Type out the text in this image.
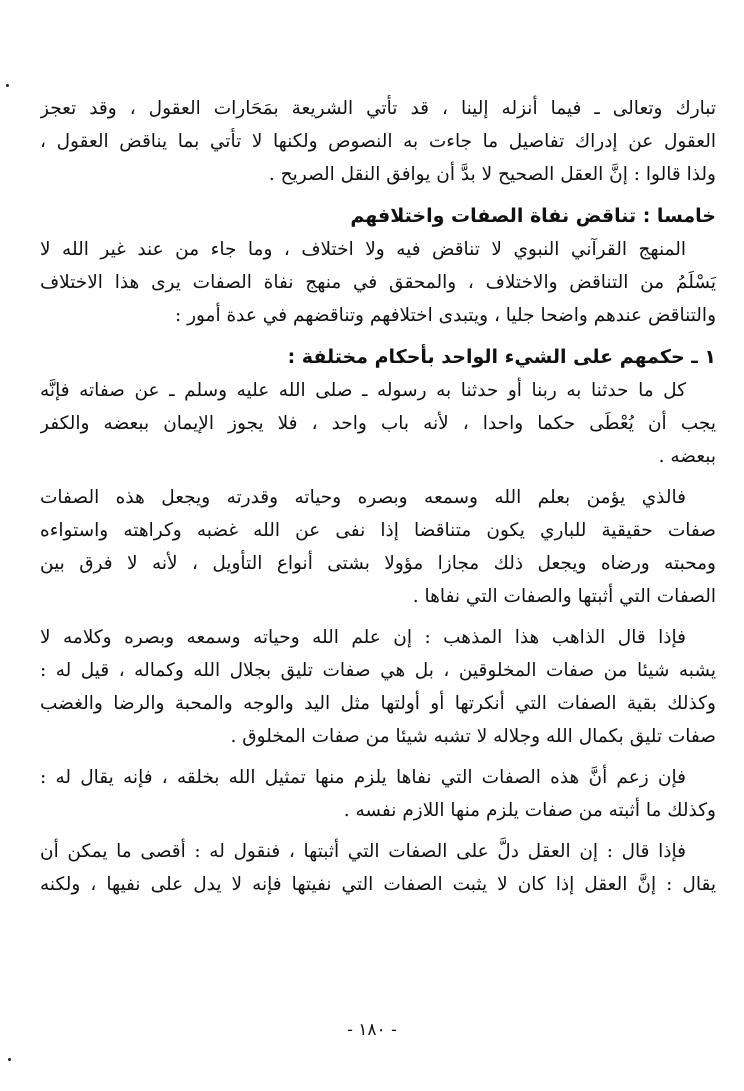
تبارك وتعالى ـ فيما أنزله إلينا ، قد تأتي الشريعة بمَحَارات العقول ، وقد تعجز
العقول عن إدراك تفاصيل ما جاءت به النصوص ولكنها لا تأتي بما يناقض العقول ،
ولذا قالوا : إنَّ العقل الصحيح لا بدَّ أن يوافق النقل الصريح .
خامسا : تناقض نفاة الصفات واختلافهم
المنهج القرآني النبوي لا تناقض فيه ولا اختلاف ، وما جاء من عند غير الله لا
يَسْلَمُ من التناقض والاختلاف ، والمحقق في منهج نفاة الصفات يرى هذا الاختلاف
والتناقض عندهم واضحا جليا ، ويتبدى اختلافهم وتناقضهم في عدة أمور :
١ ـ حكمهم على الشيء الواحد بأحكام مختلفة :
كل ما حدثنا به ربنا أو حدثنا به رسوله ـ صلى الله عليه وسلم ـ عن صفاته فإنَّه
يجب أن يُعْطَى حكما واحدا ، لأنه باب واحد ، فلا يجوز الإيمان ببعضه والكفر
ببعضه .
فالذي يؤمن بعلم الله وسمعه وبصره وحياته وقدرته ويجعل هذه الصفات
صفات حقيقية للباري يكون متناقضا إذا نفى عن الله غضبه وكراهته واستواءه
ومحبته ورضاه ويجعل ذلك مجازا مؤولا بشتى أنواع التأويل ، لأنه لا فرق بين
الصفات التي أثبتها والصفات التي نفاها .
فإذا قال الذاهب هذا المذهب : إن علم الله وحياته وسمعه وبصره وكلامه لا
يشبه شيئا من صفات المخلوقين ، بل هي صفات تليق بجلال الله وكماله ، قيل له :
وكذلك بقية الصفات التي أنكرتها أو أولتها مثل اليد والوجه والمحبة والرضا والغضب
صفات تليق بكمال الله وجلاله لا تشبه شيئا من صفات المخلوق .
فإن زعم أنَّ هذه الصفات التي نفاها يلزم منها تمثيل الله بخلقه ، فإنه يقال له :
وكذلك ما أثبته من صفات يلزم منها اللازم نفسه .
فإذا قال : إن العقل دلَّ على الصفات التي أثبتها ، فنقول له : أقصى ما يمكن أن
يقال : إنَّ العقل إذا كان لا يثبت الصفات التي نفيتها فإنه لا يدل على نفيها ، ولكنه
- ١٨٠ -
